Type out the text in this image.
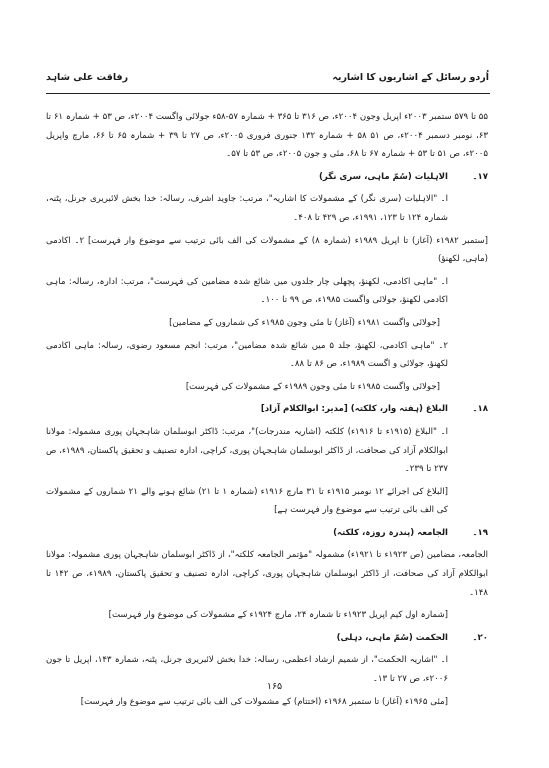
اُردو رسائل کے اشاریوں کا اشاریہ
رفاقت علی شاہد

۵۵ تا ۵۷۹ ستمبر ۲۰۰۳ء اپریل وجون ۲۰۰۴ء، ص ۳۱۶ تا ۳۶۵ + شمارہ ۵۷-۵۸ء جولائی واگست ۲۰۰۴ء، ص ۵۳ + شمارہ ۶۱ تا ۶۳، نومبر دسمبر ۲۰۰۴ء، ص ۵۱ ۵۸ + شمارہ ۱۳۲ جنوری فروری ۲۰۰۵ء، ص ۲۷ تا ۳۹ + شمارہ ۶۵ تا ۶۶، مارچ واپریل ۲۰۰۵ء، ص ۵۱ تا ۵۳ + شمارہ ۶۷ تا ۶۸، مئی و جون ۲۰۰۵ء، ص ۵۳ تا ۵۷۔

۱۷۔

الاہلیات (سُمّ ماہی، سری نگر)

ا۔ "الاہلیات (سری نگر) کے مشمولات کا اشاریہ"، مرتب: جاوید اشرف، رسالہ: خدا بخش لائبریری جرنل، پٹنہ، شمارہ ۱۲۴ تا ۱۲۳، ۱۹۹۱ء، ص ۴۲۹ تا ۴۰۸۔

[ستمبر ۱۹۸۲ء (آغاز) تا اپریل ۱۹۸۹ء (شمارہ ۸) کے مشمولات کی الف بائی ترتیب سے موضوع وار فہرست] ۲۔ اکادمی (ماہی، لکھنؤ)

ا۔ "ماہی اکادمی، لکھنؤ، پچھلی چار جلدوں میں شائع شدہ مضامین کی فہرست"، مرتب: ادارہ، رسالہ: ماہی اکادمی لکھنؤ، جولائی واگست ۱۹۸۵ء، ص ۹۹ تا ۱۰۰۔

[جولائی واگست ۱۹۸۱ء (آغاز) تا مئی وجون ۱۹۸۵ء کی شماروں کے مضامین]

۲۔ "ماہی اکادمی، لکھنؤ، جلد ۵ میں شائع شدہ مضامین"، مرتب: انجم مسعود رضوی، رسالہ: ماہی اکادمی لکھنؤ، جولائی و اگست ۱۹۸۹ء، ص ۸۶ تا ۸۸۔

[جولائی واگست ۱۹۸۵ء تا مئی وجون ۱۹۸۹ء کے مشمولات کی فہرست]

۱۸۔

البلاغ (ہفتہ وار، کلکتہ) [مدیر: ابوالکلام آزاد]

ا۔ "البلاغ (۱۹۱۵ء تا ۱۹۱۶ء) کلکتہ (اشاریہ مندرجات)"، مرتب: ڈاکٹر ابوسلمان شاہجہان پوری مشمولہ: مولانا ابوالکلام آزاد کی صحافت، از ڈاکٹر ابوسلمان شاہجہان پوری، کراچی، ادارہ تصنیف و تحقیق پاکستان، ۱۹۸۹ء، ص ۲۳۷ تا ۲۳۹۔

[البلاغ کی اجرائے ۱۲ نومبر ۱۹۱۵ء تا ۳۱ مارچ ۱۹۱۶ء (شمارہ ۱ تا ۲۱) شائع ہونے والے ۲۱ شماروں کے مشمولات کی الف بائی ترتیب سے موضوع وار فہرست ہے]

۱۹۔

الجامعہ (پندرہ روزہ، کلکتہ)

الجامعہ، مضامین (ص ۱۹۲۳ء تا ۱۹۲۱ء) مشمولہ "مؤتمر الجامعہ کلکتہ"، از ڈاکٹر ابوسلمان شاہجہان پوری مشمولہ: مولانا ابوالکلام آزاد کی صحافت، از ڈاکٹر ابوسلمان شاہجہان پوری، کراچی، ادارہ تصنیف و تحقیق پاکستان، ۱۹۸۹ء، ص ۱۴۲ تا ۱۴۸۔

[شمارہ اول کیم اپریل ۱۹۲۳ء تا شمارہ ۲۴، مارچ ۱۹۲۴ء کے مشمولات کی موضوع وار فہرست]

۲۰۔

الحکمت (سُمّ ماہی، دہلی)

ا۔ "اشاریہ الحکمت"، از شمیم ارشاد اعظمی، رسالہ: خدا بخش لائبریری جرنل، پٹنہ، شمارہ ۱۴۳، اپریل تا جون ۲۰۰۶ء، ص ۲۷ تا ۱۳۔

[مئی ۱۹۶۵ء (آغاز) تا ستمبر ۱۹۶۸ء (اختتام) کے مشمولات کی الف بائی ترتیب سے موضوع وار فہرست]

۱۶۵
